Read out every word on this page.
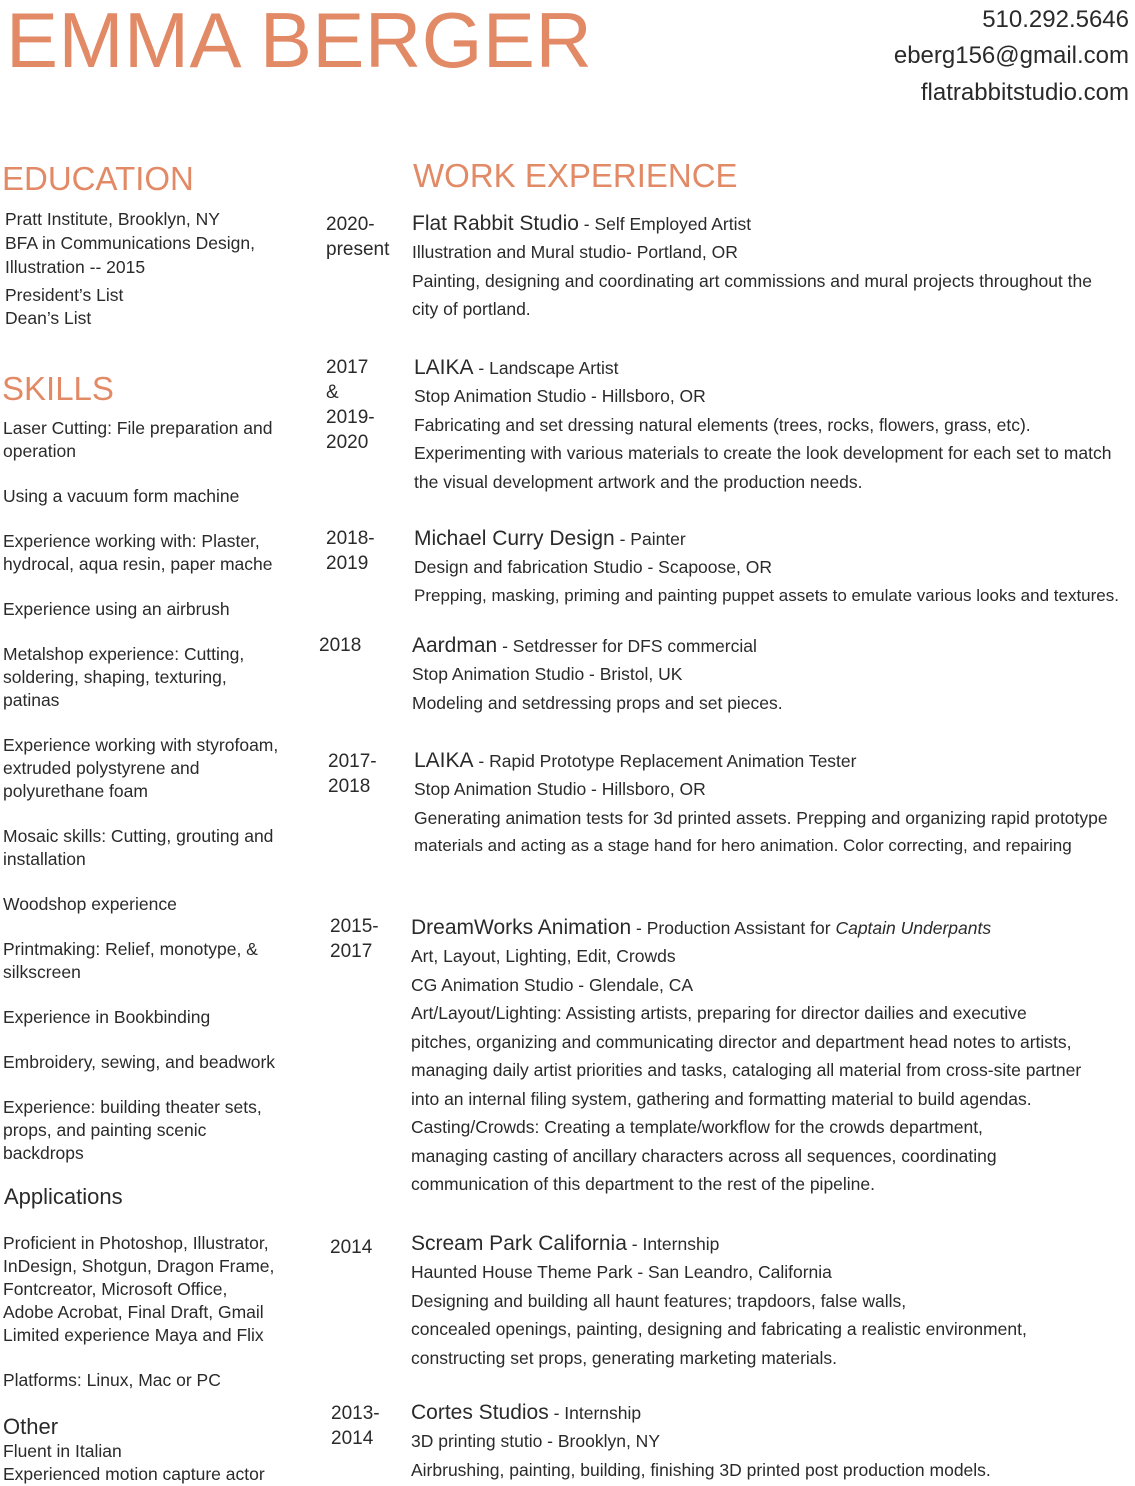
EMMA BERGER	510.292.5646
eberg156@gmail.com
flatrabbitstudio.com
EDUCATION
Pratt Institute, Brooklyn, NY
BFA in Communications Design,
Illustration -- 2015
President’s List
Dean’s List
SKILLS
Laser Cutting: File preparation and
operation
Using a vacuum form machine
Experience working with: Plaster,
hydrocal, aqua resin, paper mache
Experience using an airbrush
Metalshop experience: Cutting,
soldering, shaping, texturing,
patinas
Experience working with styrofoam,
extruded polystyrene and
polyurethane foam
Mosaic skills: Cutting, grouting and
installation
Woodshop experience
Printmaking: Relief, monotype, &
silkscreen
Experience in Bookbinding
Embroidery, sewing, and beadwork
Experience: building theater sets,
props, and painting scenic
backdrops
Applications
Proficient in Photoshop, Illustrator,
InDesign, Shotgun, Dragon Frame,
Fontcreator, Microsoft Office,
Adobe Acrobat, Final Draft, Gmail
Limited experience Maya and Flix
Platforms: Linux, Mac or PC
Other
Fluent in Italian
Experienced motion capture actor
WORK EXPERIENCE
2020-
present
Flat Rabbit Studio - Self Employed Artist
Illustration and Mural studio- Portland, OR
Painting, designing and coordinating art commissions and mural projects throughout the
city of portland.
2017
&
2019-
2020
LAIKA - Landscape Artist
Stop Animation Studio - Hillsboro, OR
Fabricating and set dressing natural elements (trees, rocks, flowers, grass, etc).
Experimenting with various materials to create the look development for each set to match
the visual development artwork and the production needs.
2018-
2019
Michael Curry Design - Painter
Design and fabrication Studio - Scapoose, OR
Prepping, masking, priming and painting puppet assets to emulate various looks and textures.
2018 Aardman - Setdresser for DFS commercial
Stop Animation Studio - Bristol, UK
Modeling and setdressing props and set pieces.
2017-
2018
LAIKA - Rapid Prototype Replacement Animation Tester
Stop Animation Studio - Hillsboro, OR
Generating animation tests for 3d printed assets. Prepping and organizing rapid prototype
materials and acting as a stage hand for hero animation. Color correcting, and repairing
2015-
2017
DreamWorks Animation - Production Assistant for Captain Underpants
Art, Layout, Lighting, Edit, Crowds
CG Animation Studio - Glendale, CA
Art/Layout/Lighting: Assisting artists, preparing for director dailies and executive
pitches, organizing and communicating director and department head notes to artists,
managing daily artist priorities and tasks, cataloging all material from cross-site partner
into an internal filing system, gathering and formatting material to build agendas.
Casting/Crowds: Creating a template/workflow for the crowds department,
managing casting of ancillary characters across all sequences, coordinating
communication of this department to the rest of the pipeline.
2014 Scream Park California - Internship
Haunted House Theme Park - San Leandro, California
Designing and building all haunt features; trapdoors, false walls,
concealed openings, painting, designing and fabricating a realistic environment,
constructing set props, generating marketing materials.
2013-
2014
Cortes Studios - Internship
3D printing stutio - Brooklyn, NY
Airbrushing, painting, building, finishing 3D printed post production models.
